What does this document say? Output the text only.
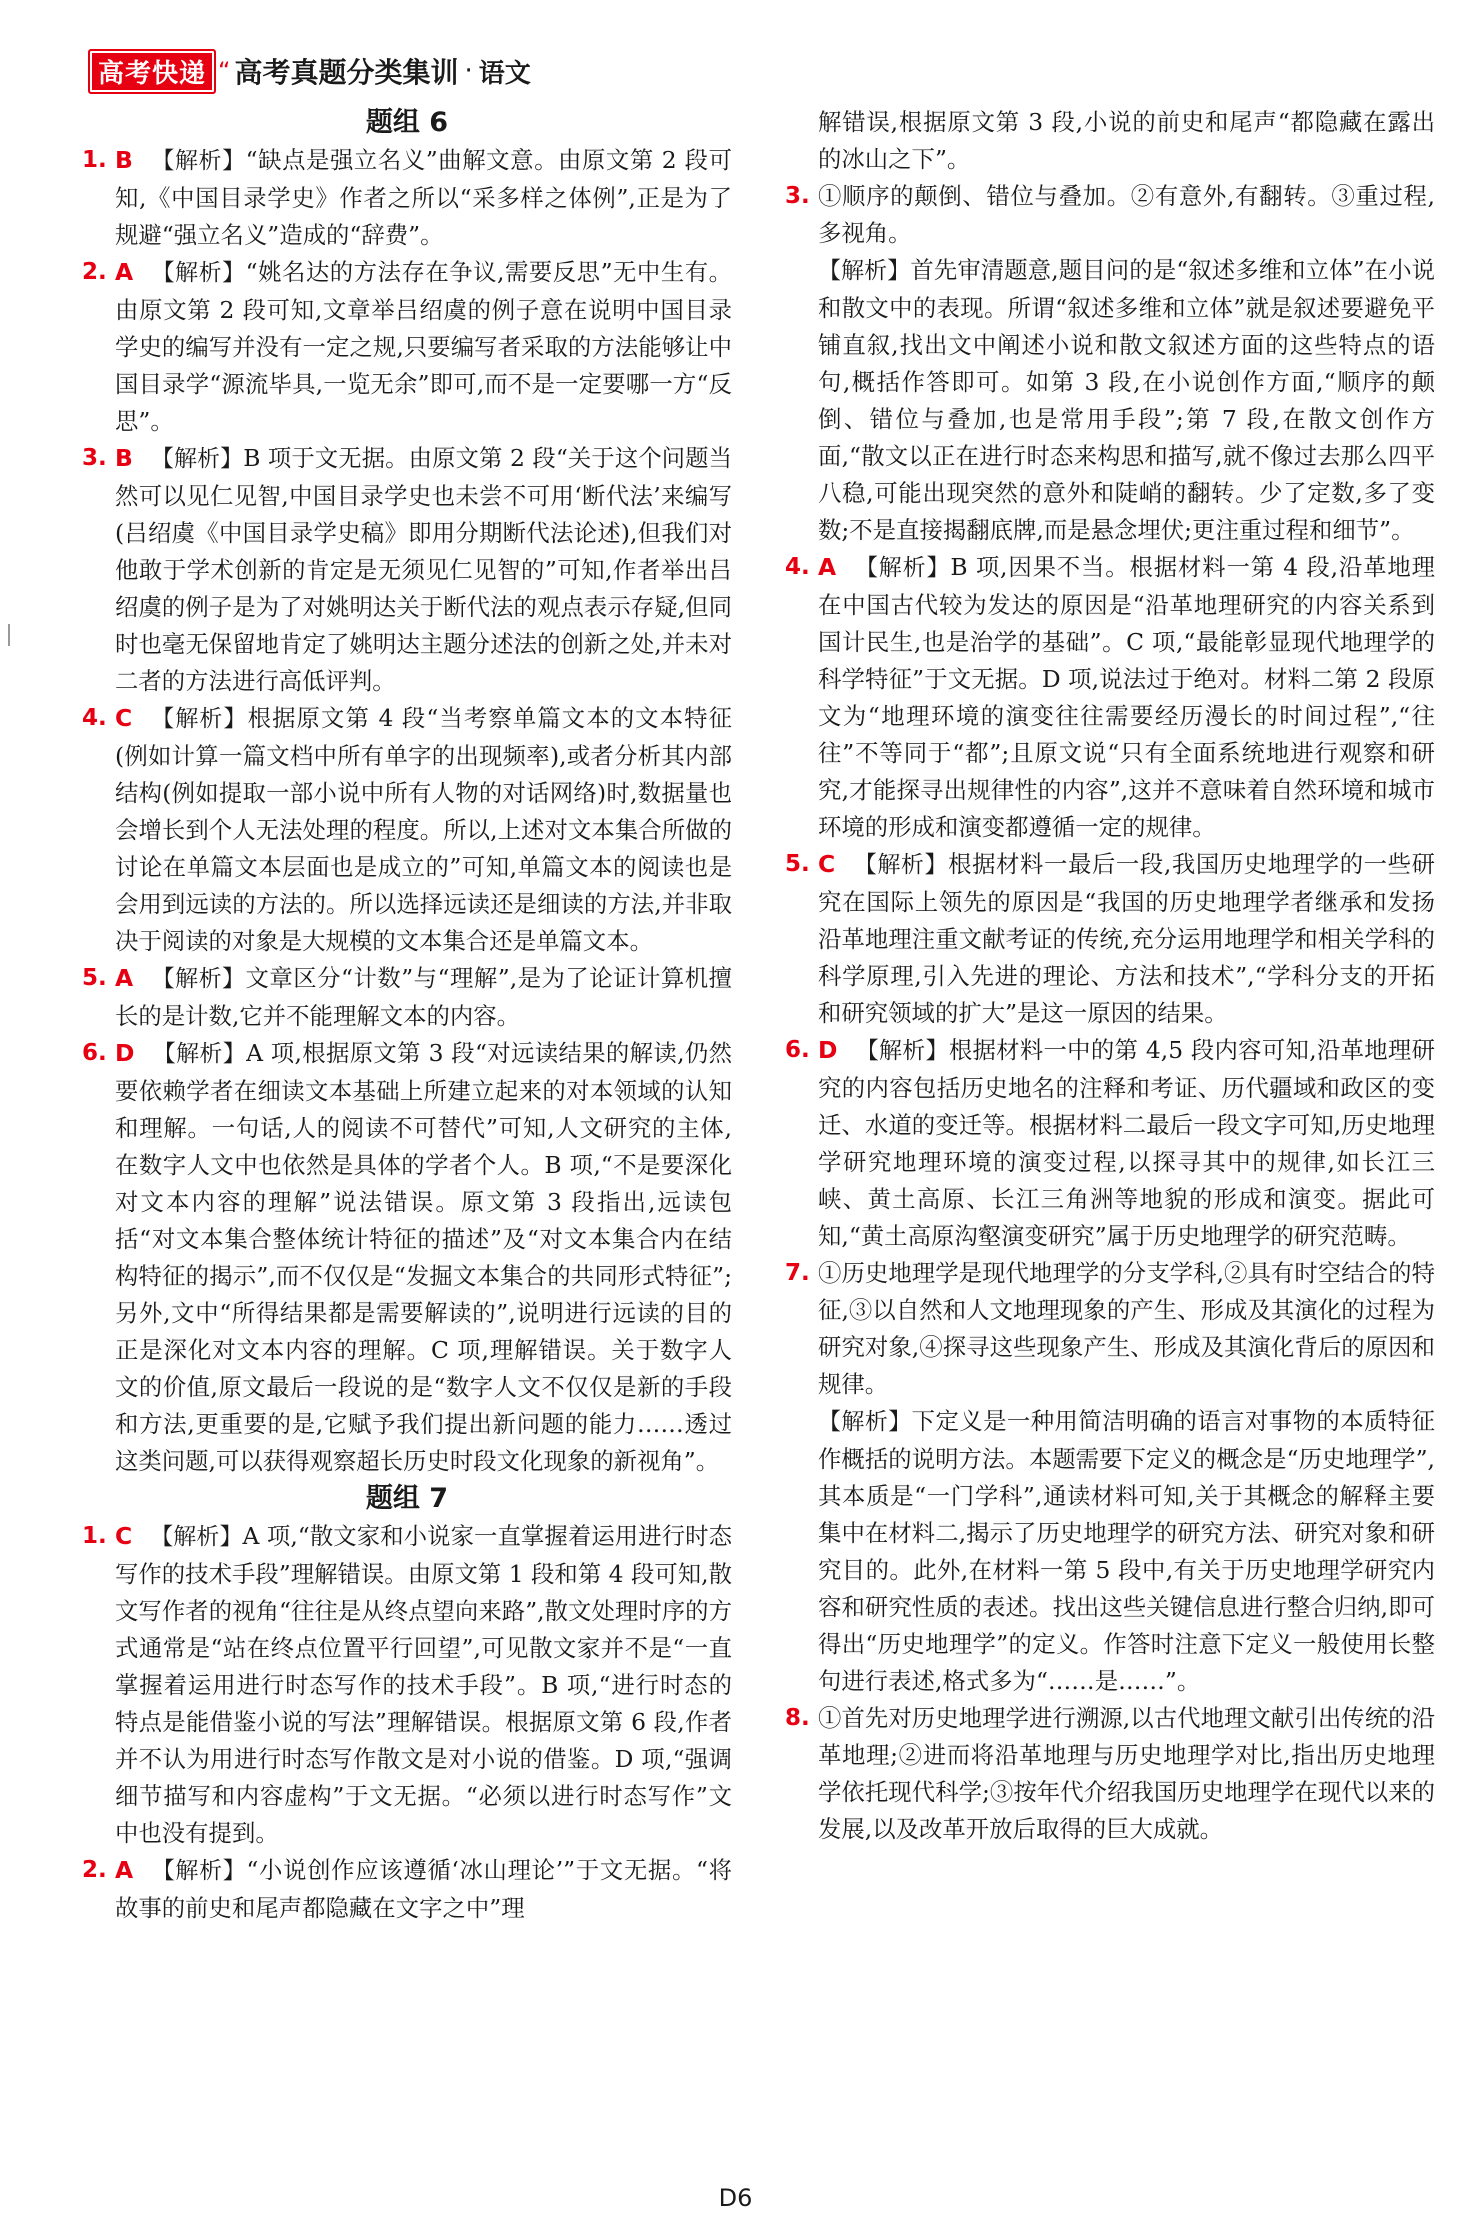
高考快递 “ 高考真题分类集训 · 语文
题组 6

1. B 【解析】“缺点是强立名义”曲解文意。由原文第 2 段可知,《中国目录学史》作者之所以“采多样之体例”,正是为了规避“强立名义”造成的“辞费”。

2. A 【解析】“姚名达的方法存在争议,需要反思”无中生有。由原文第 2 段可知,文章举吕绍虞的例子意在说明中国目录学史的编写并没有一定之规,只要编写者采取的方法能够让中国目录学“源流毕具,一览无余”即可,而不是一定要哪一方“反思”。

3. B 【解析】B 项于文无据。由原文第 2 段“关于这个问题当然可以见仁见智,中国目录学史也未尝不可用‘断代法’来编写(吕绍虞《中国目录学史稿》即用分期断代法论述),但我们对他敢于学术创新的肯定是无须见仁见智的”可知,作者举出吕绍虞的例子是为了对姚明达关于断代法的观点表示存疑,但同时也毫无保留地肯定了姚明达主题分述法的创新之处,并未对二者的方法进行高低评判。

4. C 【解析】根据原文第 4 段“当考察单篇文本的文本特征(例如计算一篇文档中所有单字的出现频率),或者分析其内部结构(例如提取一部小说中所有人物的对话网络)时,数据量也会增长到个人无法处理的程度。所以,上述对文本集合所做的讨论在单篇文本层面也是成立的”可知,单篇文本的阅读也是会用到远读的方法的。所以选择远读还是细读的方法,并非取决于阅读的对象是大规模的文本集合还是单篇文本。

5. A 【解析】文章区分“计数”与“理解”,是为了论证计算机擅长的是计数,它并不能理解文本的内容。

6. D 【解析】A 项,根据原文第 3 段“对远读结果的解读,仍然要依赖学者在细读文本基础上所建立起来的对本领域的认知和理解。一句话,人的阅读不可替代”可知,人文研究的主体,在数字人文中也依然是具体的学者个人。B 项,“不是要深化对文本内容的理解”说法错误。原文第 3 段指出,远读包括“对文本集合整体统计特征的描述”及“对文本集合内在结构特征的揭示”,而不仅仅是“发掘文本集合的共同形式特征”;另外,文中“所得结果都是需要解读的”,说明进行远读的目的正是深化对文本内容的理解。C 项,理解错误。关于数字人文的价值,原文最后一段说的是“数字人文不仅仅是新的手段和方法,更重要的是,它赋予我们提出新问题的能力……透过这类问题,可以获得观察超长历史时段文化现象的新视角”。

题组 7

1. C 【解析】A 项,“散文家和小说家一直掌握着运用进行时态写作的技术手段”理解错误。由原文第 1 段和第 4 段可知,散文写作者的视角“往往是从终点望向来路”,散文处理时序的方式通常是“站在终点位置平行回望”,可见散文家并不是“一直掌握着运用进行时态写作的技术手段”。B 项,“进行时态的特点是能借鉴小说的写法”理解错误。根据原文第 6 段,作者并不认为用进行时态写作散文是对小说的借鉴。D 项,“强调细节描写和内容虚构”于文无据。“必须以进行时态写作”文中也没有提到。

2. A 【解析】“小说创作应该遵循‘冰山理论’”于文无据。“将故事的前史和尾声都隐藏在文字之中”理

解错误,根据原文第 3 段,小说的前史和尾声“都隐藏在露出的冰山之下”。

3. ①顺序的颠倒、错位与叠加。②有意外,有翻转。③重过程,多视角。

【解析】首先审清题意,题目问的是“叙述多维和立体”在小说和散文中的表现。所谓“叙述多维和立体”就是叙述要避免平铺直叙,找出文中阐述小说和散文叙述方面的这些特点的语句,概括作答即可。如第 3 段,在小说创作方面,“顺序的颠倒、错位与叠加,也是常用手段”;第 7 段,在散文创作方面,“散文以正在进行时态来构思和描写,就不像过去那么四平八稳,可能出现突然的意外和陡峭的翻转。少了定数,多了变数;不是直接揭翻底牌,而是悬念埋伏;更注重过程和细节”。

4. A 【解析】B 项,因果不当。根据材料一第 4 段,沿革地理在中国古代较为发达的原因是“沿革地理研究的内容关系到国计民生,也是治学的基础”。C 项,“最能彰显现代地理学的科学特征”于文无据。D 项,说法过于绝对。材料二第 2 段原文为“地理环境的演变往往需要经历漫长的时间过程”,“往往”不等同于“都”;且原文说“只有全面系统地进行观察和研究,才能探寻出规律性的内容”,这并不意味着自然环境和城市环境的形成和演变都遵循一定的规律。

5. C 【解析】根据材料一最后一段,我国历史地理学的一些研究在国际上领先的原因是“我国的历史地理学者继承和发扬沿革地理注重文献考证的传统,充分运用地理学和相关学科的科学原理,引入先进的理论、方法和技术”,“学科分支的开拓和研究领域的扩大”是这一原因的结果。

6. D 【解析】根据材料一中的第 4,5 段内容可知,沿革地理研究的内容包括历史地名的注释和考证、历代疆域和政区的变迁、水道的变迁等。根据材料二最后一段文字可知,历史地理学研究地理环境的演变过程,以探寻其中的规律,如长江三峡、黄土高原、长江三角洲等地貌的形成和演变。据此可知,“黄土高原沟壑演变研究”属于历史地理学的研究范畴。

7. ①历史地理学是现代地理学的分支学科,②具有时空结合的特征,③以自然和人文地理现象的产生、形成及其演化的过程为研究对象,④探寻这些现象产生、形成及其演化背后的原因和规律。

【解析】下定义是一种用简洁明确的语言对事物的本质特征作概括的说明方法。本题需要下定义的概念是“历史地理学”,其本质是“一门学科”,通读材料可知,关于其概念的解释主要集中在材料二,揭示了历史地理学的研究方法、研究对象和研究目的。此外,在材料一第 5 段中,有关于历史地理学研究内容和研究性质的表述。找出这些关键信息进行整合归纳,即可得出“历史地理学”的定义。作答时注意下定义一般使用长整句进行表述,格式多为“……是……”。

8. ①首先对历史地理学进行溯源,以古代地理文献引出传统的沿革地理;②进而将沿革地理与历史地理学对比,指出历史地理学依托现代科学;③按年代介绍我国历史地理学在现代以来的发展,以及改革开放后取得的巨大成就。

D6
